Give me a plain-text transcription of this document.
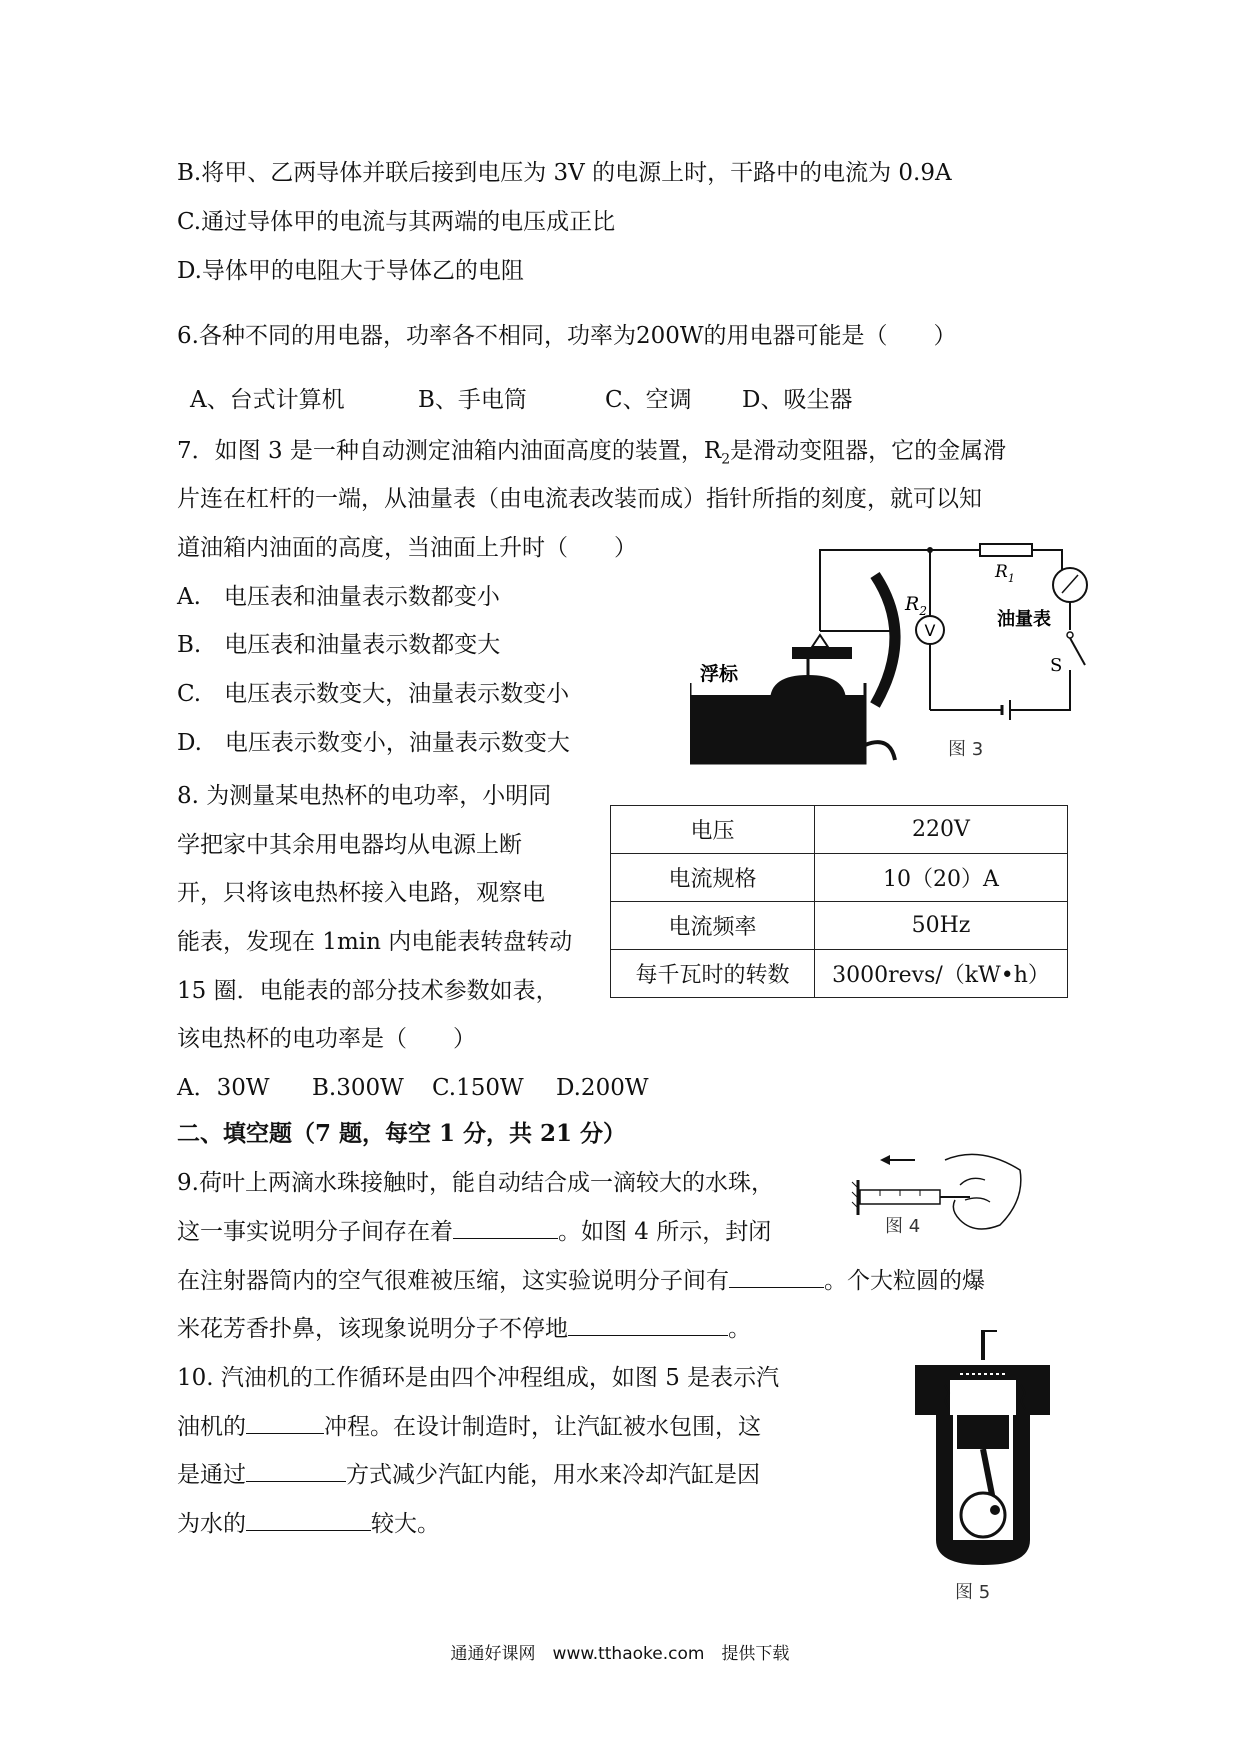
B.将甲、乙两导体并联后接到电压为 3V 的电源上时，干路中的电流为 0.9A
C.通过导体甲的电流与其两端的电压成正比
D.导体甲的电阻大于导体乙的电阻
6.各种不同的用电器，功率各不相同，功率为200W的用电器可能是（　　）
A、台式计算机	B、手电筒	C、空调 D、吸尘器
7．如图 3 是一种自动测定油箱内油面高度的装置，$R_2$是滑动变阻器，它的金属滑
片连在杠杆的一端，从油量表（由电流表改装而成）指针所指的刻度，就可以知
道油箱内油面的高度，当油面上升时（　　）
A.　电压表和油量表示数都变小
B.　电压表和油量表示数都变大
C.　电压表示数变大，油量表示数变小
D.　电压表示数变小，油量表示数变大
V
$R_2$
$R_1$
油量表
S
浮标
图 3
8. 为测量某电热杯的电功率，小明同
学把家中其余用电器均从电源上断
开，只将该电热杯接入电路，观察电
能表，发现在 1min 内电能表转盘转动
15 圈．电能表的部分技术参数如表，
该电热杯的电功率是（　　）
电压	220V
电流规格	10（20）A
电流频率	50Hz
每千瓦时的转数	3000revs/（kW•h）
A．30W B.300W C.150W D.200W
二、填空题（7 题，每空 1 分，共 21 分）
9.荷叶上两滴水珠接触时，能自动结合成一滴较大的水珠，
这一事实说明分子间存在着	。如图 4 所示，封闭
在注射器筒内的空气很难被压缩，这实验说明分子间有	。个大粒圆的爆
米花芳香扑鼻，该现象说明分子不停地	。
图 4
10. 汽油机的工作循环是由四个冲程组成，如图 5 是表示汽
油机的	冲程。在设计制造时，让汽缸被水包围，这
是通过	方式减少汽缸内能，用水来冷却汽缸是因
为水的	较大。
图 5
通通好课网　www.tthaoke.com　提供下载
